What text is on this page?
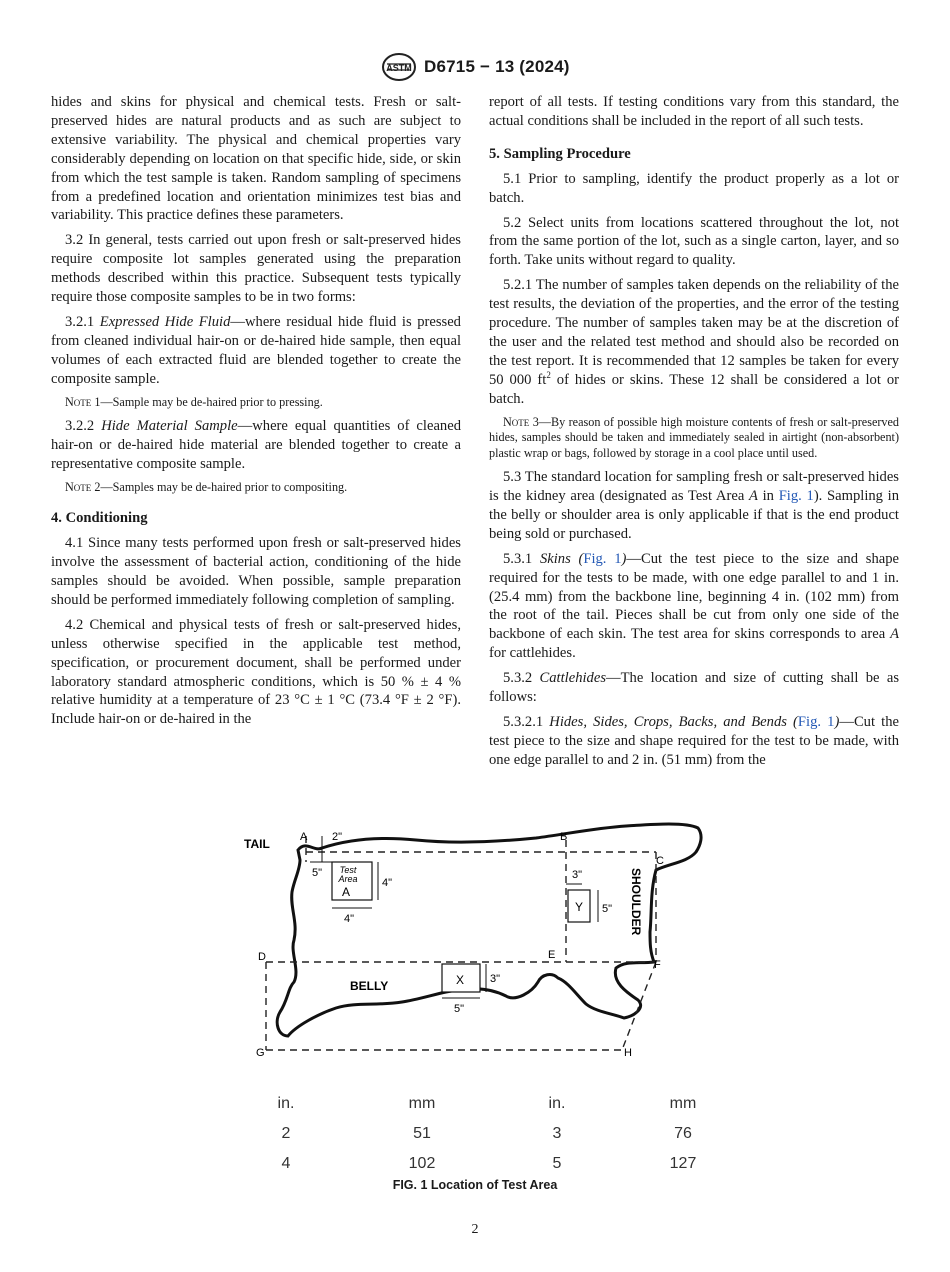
ASTM D6715 − 13 (2024)

hides and skins for physical and chemical tests. Fresh or salt-preserved hides are natural products and as such are subject to extensive variability. The physical and chemical properties vary considerably depending on location on that specific hide, side, or skin from which the test sample is taken. Random sampling of specimens from a predefined location and orientation minimizes test bias and variability. This practice defines these parameters.

3.2 In general, tests carried out upon fresh or salt-preserved hides require composite lot samples generated using the preparation methods described within this practice. Subsequent tests typically require those composite samples to be in two forms:

3.2.1 Expressed Hide Fluid—where residual hide fluid is pressed from cleaned individual hair-on or de-haired hide sample, then equal volumes of each extracted fluid are blended together to create the composite sample.

Note 1—Sample may be de-haired prior to pressing.

3.2.2 Hide Material Sample—where equal quantities of cleaned hair-on or de-haired hide material are blended together to create a representative composite sample.

Note 2—Samples may be de-haired prior to compositing.

4. Conditioning

4.1 Since many tests performed upon fresh or salt-preserved hides involve the assessment of bacterial action, conditioning of the hide samples should be avoided. When possible, sample preparation should be performed immediately following completion of sampling.

4.2 Chemical and physical tests of fresh or salt-preserved hides, unless otherwise specified in the applicable test method, specification, or procurement document, shall be performed under laboratory standard atmospheric conditions, which is 50 % ± 4 % relative humidity at a temperature of 23 °C ± 1 °C (73.4 °F ± 2 °F). Include hair-on or de-haired in the

report of all tests. If testing conditions vary from this standard, the actual conditions shall be included in the report of all such tests.

5. Sampling Procedure

5.1 Prior to sampling, identify the product properly as a lot or batch.

5.2 Select units from locations scattered throughout the lot, not from the same portion of the lot, such as a single carton, layer, and so forth. Take units without regard to quality.

5.2.1 The number of samples taken depends on the reliability of the test results, the deviation of the properties, and the error of the testing procedure. The number of samples taken may be at the discretion of the user and the related test method and should also be recorded on the test report. It is recommended that 12 samples be taken for every 50 000 $ft^2$ of hides or skins. These 12 shall be considered a lot or batch.

Note 3—By reason of possible high moisture contents of fresh or salt-preserved hides, samples should be taken and immediately sealed in airtight (non-absorbent) plastic wrap or bags, followed by storage in a cool place until used.

5.3 The standard location for sampling fresh or salt-preserved hides is the kidney area (designated as Test Area A in Fig. 1). Sampling in the belly or shoulder area is only applicable if that is the end product being sold or purchased.

5.3.1 Skins (Fig. 1)—Cut the test piece to the size and shape required for the tests to be made, with one edge parallel to and 1 in. (25.4 mm) from the backbone line, beginning 4 in. (102 mm) from the root of the tail. Pieces shall be cut from only one side of the backbone of each skin. The test area for skins corresponds to area A for cattlehides.

5.3.2 Cattlehides—The location and size of cutting shall be as follows:

5.3.2.1 Hides, Sides, Crops, Backs, and Bends (Fig. 1)—Cut the test piece to the size and shape required for the test to be made, with one edge parallel to and 2 in. (51 mm) from the

Test
Area
A
Y
X
TAIL
BELLY
SHOULDER
A	B
C
D	E
F
G	H
2"
5"
4"
4"
3"
5"
3"
5"
in.	mm	in.	mm
2	51	3	76
4	102	5	127
FIG. 1 Location of Test Area
2
